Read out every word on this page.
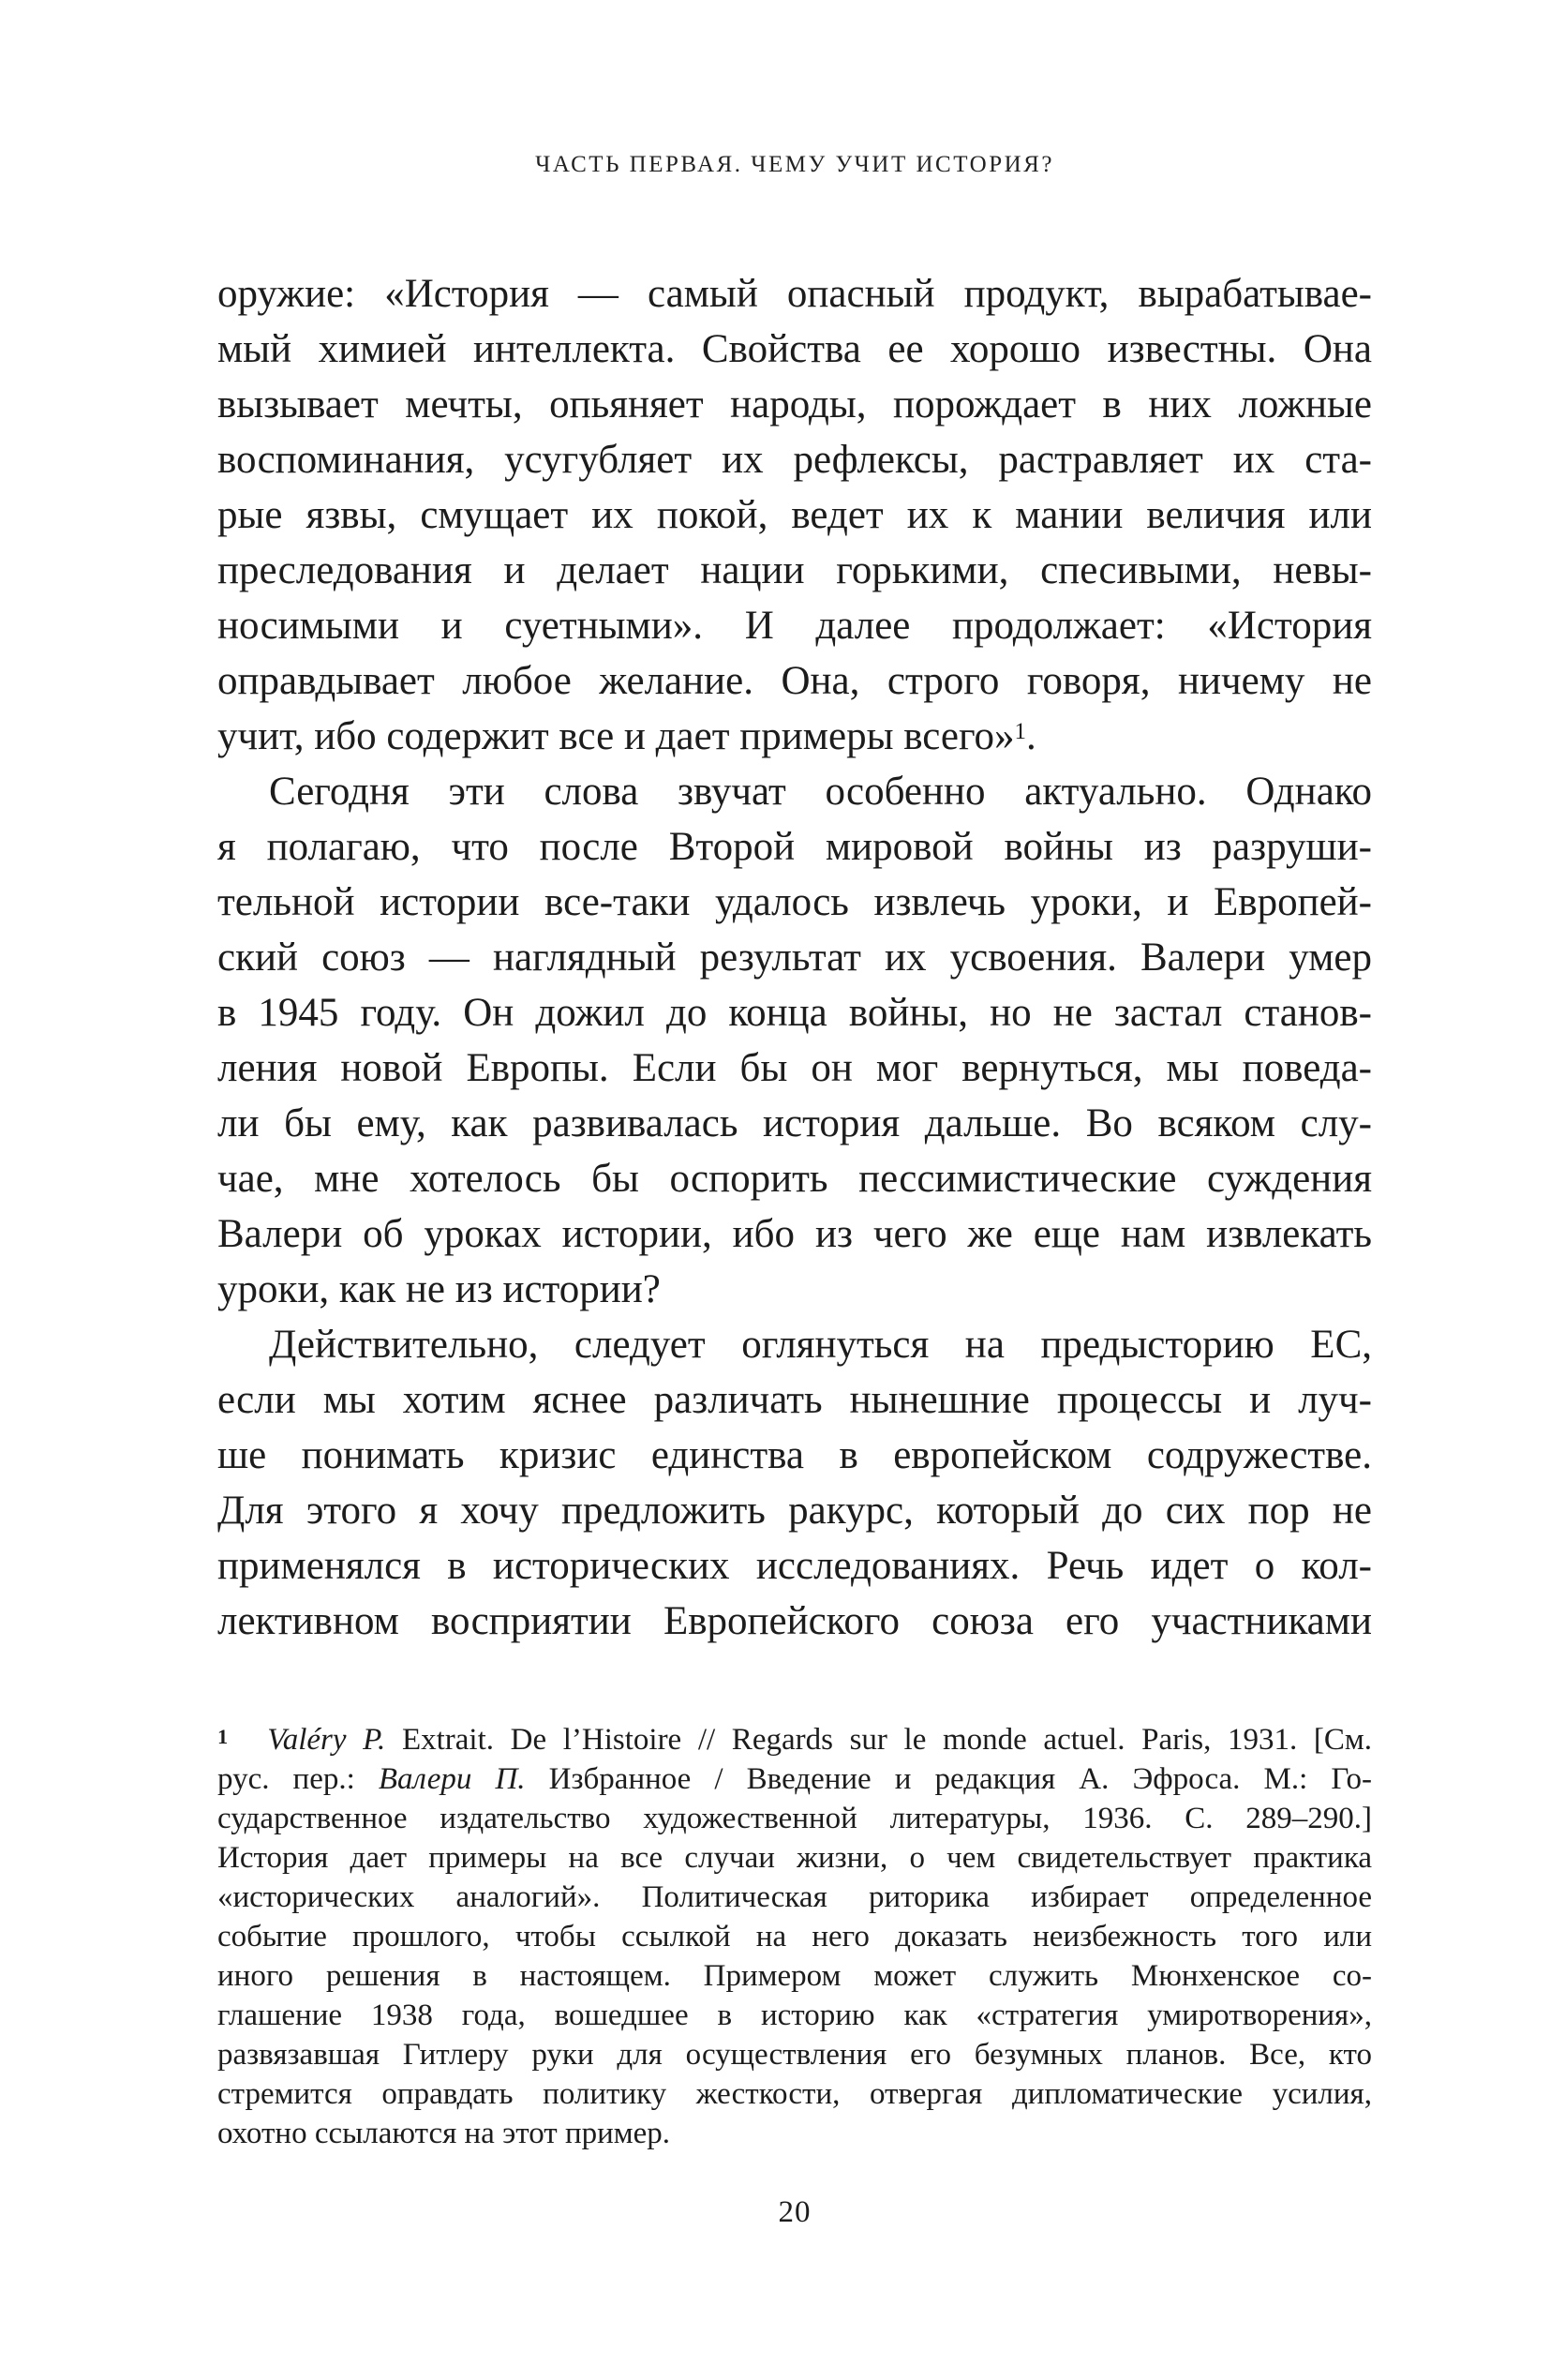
ЧАСТЬ ПЕРВАЯ. ЧЕМУ УЧИТ ИСТОРИЯ?
оружие: «История — самый опасный продукт, вырабатывае-
мый химией интеллекта. Свойства ее хорошо известны. Она
вызывает мечты, опьяняет народы, порождает в них ложные
воспоминания, усугубляет их рефлексы, растравляет их ста-
рые язвы, смущает их покой, ведет их к мании величия или
преследования и делает нации горькими, спесивыми, невы-
носимыми и суетными». И далее продолжает: «История
оправдывает любое желание. Она, строго говоря, ничему не
учит, ибо содержит все и дает примеры всего»$^1$.
Сегодня эти слова звучат особенно актуально. Однако
я полагаю, что после Второй мировой войны из разруши-
тельной истории все-таки удалось извлечь уроки, и Европей-
ский союз — наглядный результат их усвоения. Валери умер
в 1945 году. Он дожил до конца войны, но не застал станов-
ления новой Европы. Если бы он мог вернуться, мы поведа-
ли бы ему, как развивалась история дальше. Во всяком слу-
чае, мне хотелось бы оспорить пессимистические суждения
Валери об уроках истории, ибо из чего же еще нам извлекать
уроки, как не из истории?
Действительно, следует оглянуться на предысторию ЕС,
если мы хотим яснее различать нынешние процессы и луч-
ше понимать кризис единства в европейском содружестве.
Для этого я хочу предложить ракурс, который до сих пор не
применялся в исторических исследованиях. Речь идет о кол-
лективном восприятии Европейского союза его участниками
1 Valéry P. Extrait. De l’Histoire // Regards sur le monde actuel. Paris, 1931. [См.
рус. пер.: Валери П. Избранное / Введение и редакция А. Эфроса. М.: Го-
сударственное издательство художественной литературы, 1936. С. 289–290.]
История дает примеры на все случаи жизни, о чем свидетельствует практика
«исторических аналогий». Политическая риторика избирает определенное
событие прошлого, чтобы ссылкой на него доказать неизбежность того или
иного решения в настоящем. Примером может служить Мюнхенское со-
глашение 1938 года, вошедшее в историю как «стратегия умиротворения»,
развязавшая Гитлеру руки для осуществления его безумных планов. Все, кто
стремится оправдать политику жесткости, отвергая дипломатические усилия,
охотно ссылаются на этот пример.
20
